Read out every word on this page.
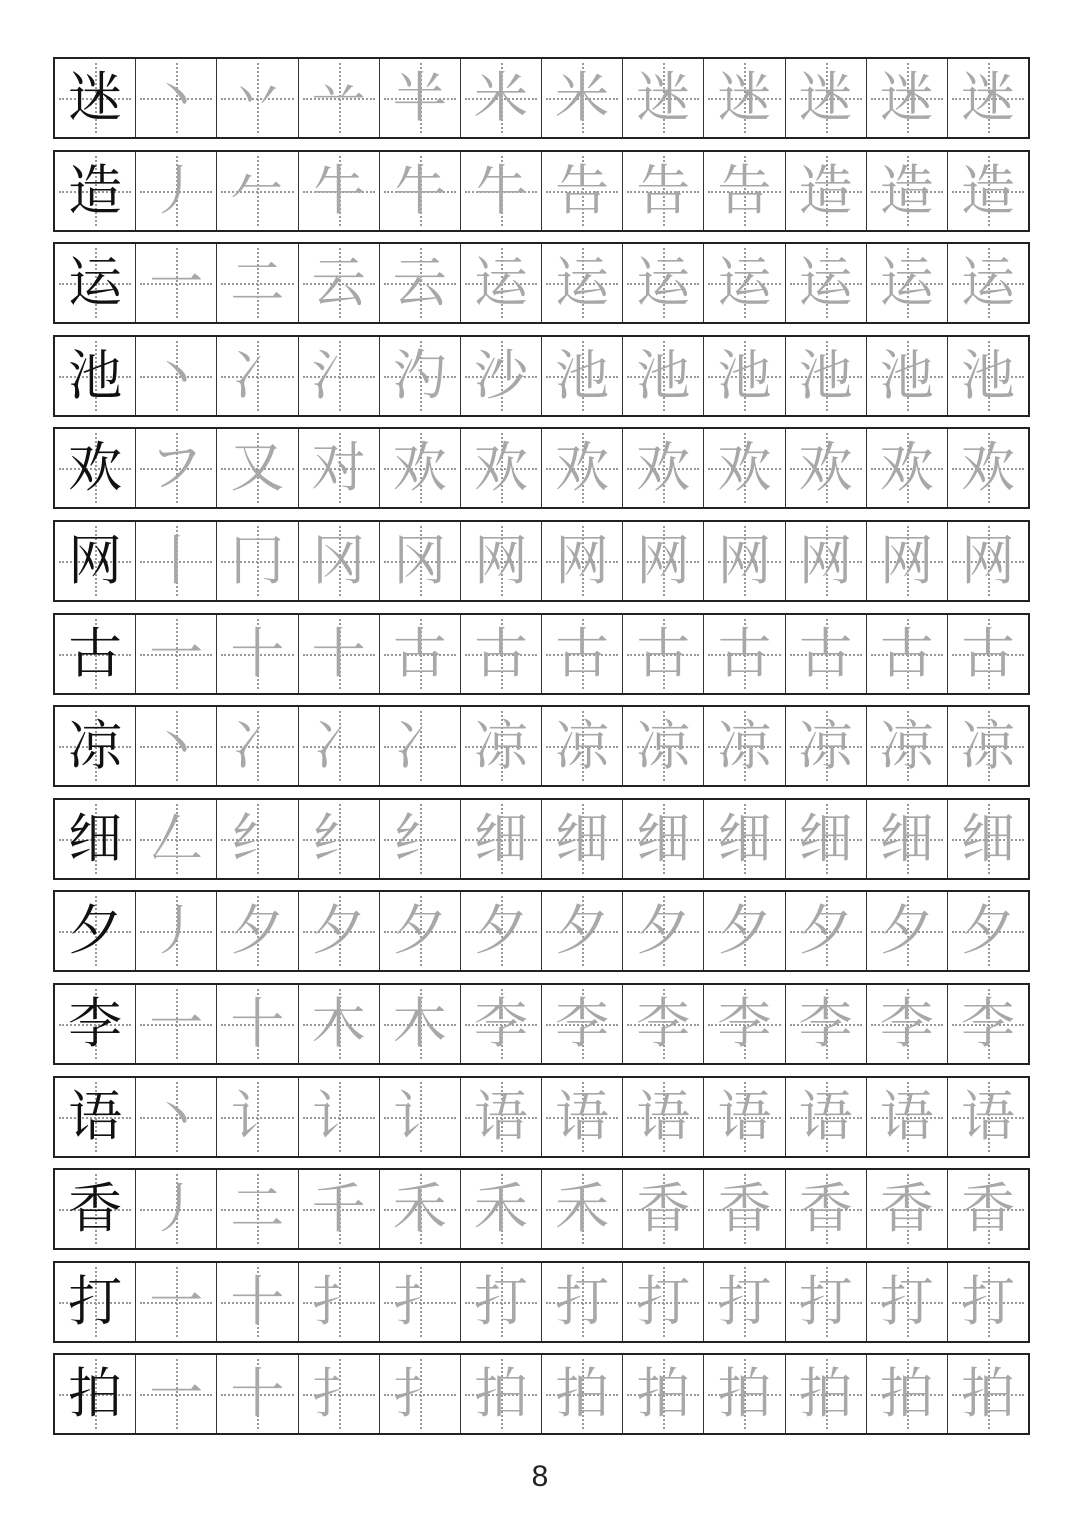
迷 丶 丷 䒑 半 米 米 迷 迷 迷 迷 迷
造 丿 𠂉 牛 牛 牛 告 告 告 造 造 造
运 一 二 云 云 运 运 运 运 运 运 运
池 丶 冫 氵 汋 沙 池 池 池 池 池 池
欢 フ 又 对 欢 欢 欢 欢 欢 欢 欢 欢
网 丨 冂 冈 冈 网 网 网 网 网 网 网
古 一 十 十 古 古 古 古 古 古 古 古
凉 丶 冫 冫 冫 凉 凉 凉 凉 凉 凉 凉
细 𠃋 纟 纟 纟 细 细 细 细 细 细 细
夕 丿 夕 夕 夕 夕 夕 夕 夕 夕 夕 夕
李 一 十 木 木 李 李 李 李 李 李 李
语 丶 讠 讠 讠 语 语 语 语 语 语 语
香 丿 二 千 禾 禾 禾 香 香 香 香 香
打 一 十 扌 扌 打 打 打 打 打 打 打
拍 一 十 扌 扌 拍 拍 拍 拍 拍 拍 拍
8
